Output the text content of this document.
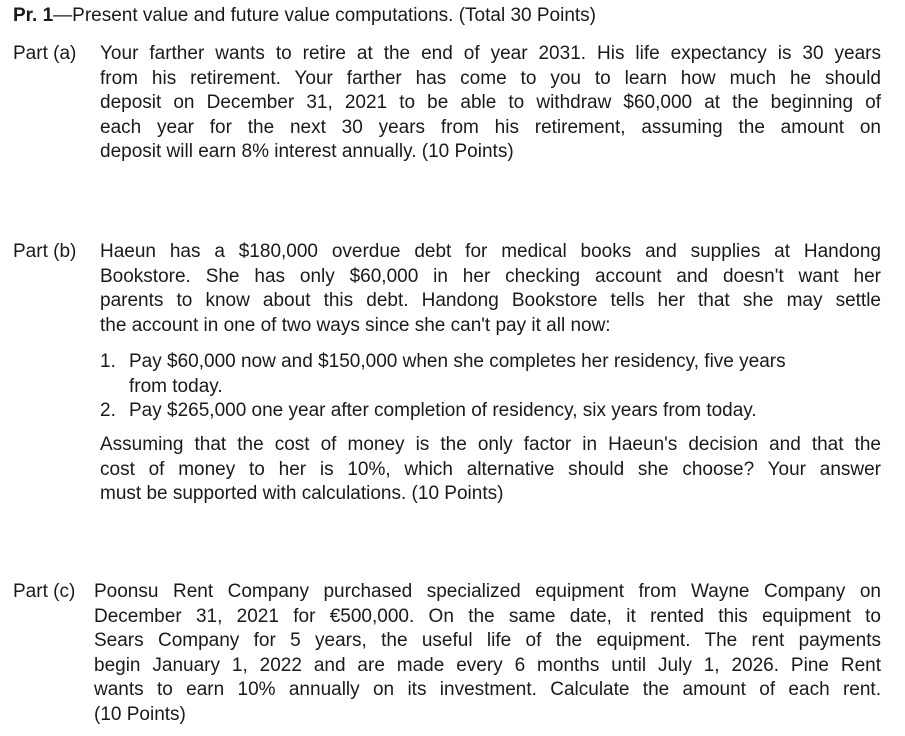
Pr. 1—Present value and future value computations. (Total 30 Points)
Part (a) Your farther wants to retire at the end of year 2031. His life expectancy is 30 years
from his retirement. Your farther has come to you to learn how much he should
deposit on December 31, 2021 to be able to withdraw $60,000 at the beginning of
each year for the next 30 years from his retirement, assuming the amount on
deposit will earn 8% interest annually. (10 Points)
Part (b) Haeun has a $180,000 overdue debt for medical books and supplies at Handong
Bookstore. She has only $60,000 in her checking account and doesn't want her
parents to know about this debt. Handong Bookstore tells her that she may settle
the account in one of two ways since she can't pay it all now:
1. Pay $60,000 now and $150,000 when she completes her residency, five years
from today.
2. Pay $265,000 one year after completion of residency, six years from today.
Assuming that the cost of money is the only factor in Haeun's decision and that the
cost of money to her is 10%, which alternative should she choose? Your answer
must be supported with calculations. (10 Points)
Part (c) Poonsu Rent Company purchased specialized equipment from Wayne Company on
December 31, 2021 for €500,000. On the same date, it rented this equipment to
Sears Company for 5 years, the useful life of the equipment. The rent payments
begin January 1, 2022 and are made every 6 months until July 1, 2026. Pine Rent
wants to earn 10% annually on its investment. Calculate the amount of each rent.
(10 Points)
